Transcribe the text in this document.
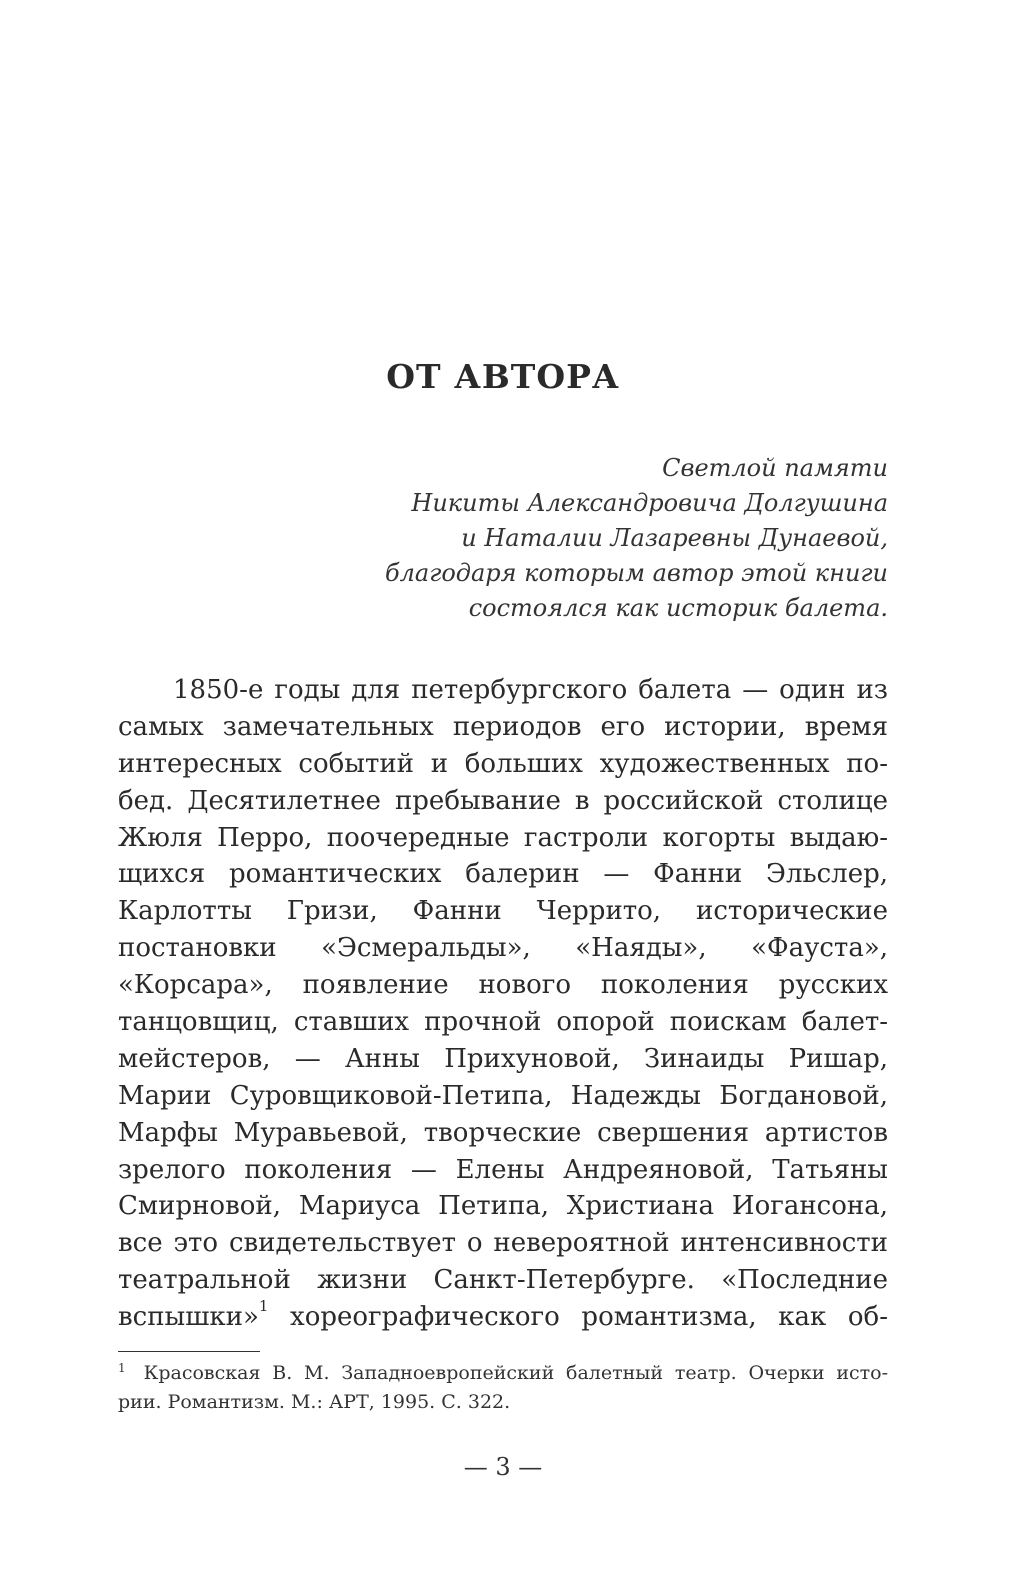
ОТ АВТОРА
Светлой памяти
Никиты Александровича Долгушина
и Наталии Лазаревны Дунаевой,
благодаря которым автор этой книги
состоялся как историк балета.
1850-е годы для петербургского балета — один из
самых замечательных периодов его истории, время
интересных событий и больших художественных по-
бед. Десятилетнее пребывание в российской столице
Жюля Перро, поочередные гастроли когорты выдаю-
щихся романтических балерин — Фанни Эльслер,
Карлотты Гризи, Фанни Черрито, исторические
постановки «Эсмеральды», «Наяды», «Фауста»,
«Корсара», появление нового поколения русских
танцовщиц, ставших прочной опорой поискам балет-
мейстеров, — Анны Прихуновой, Зинаиды Ришар,
Марии Суровщиковой-Петипа, Надежды Богдановой,
Марфы Муравьевой, творческие свершения артистов
зрелого поколения — Елены Андреяновой, Татьяны
Смирновой, Мариуса Петипа, Христиана Иогансона,
все это свидетельствует о невероятной интенсивности
театральной жизни Санкт-Петербурге. «Последние
вспышки»$^1$ хореографического романтизма, как об-
$^1$ Красовская В. М. Западноевропейский балетный театр. Очерки исто-
рии. Романтизм. М.: АРТ, 1995. С. 322.
— 3 —
